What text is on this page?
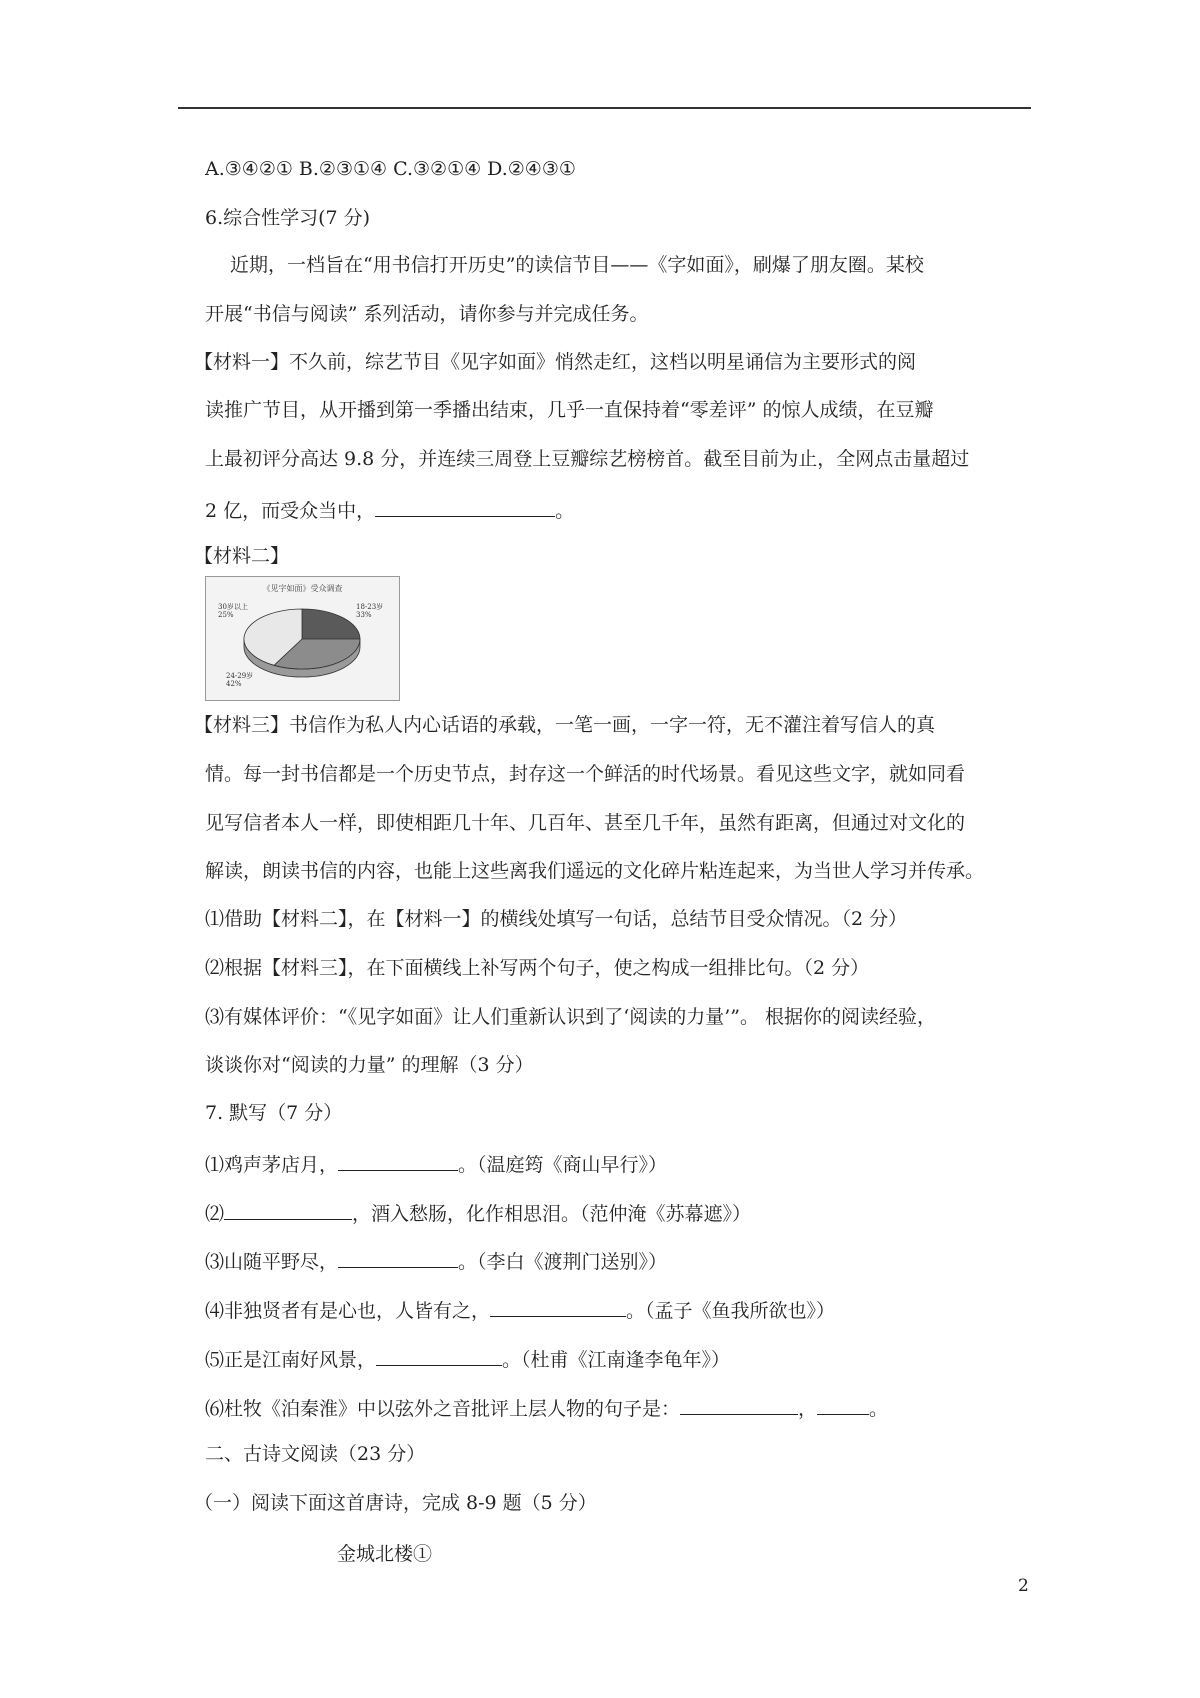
A.③④②① B.②③①④ C.③②①④ D.②④③①
6.综合性学习(7 分)
近期，一档旨在“用书信打开历史”的读信节目——《字如面》，刷爆了朋友圈。某校
开展“书信与阅读” 系列活动，请你参与并完成任务。
【材料一】不久前，综艺节目《见字如面》悄然走红，这档以明星诵信为主要形式的阅
读推广节目，从开播到第一季播出结束，几乎一直保持着“零差评” 的惊人成绩，在豆瓣
上最初评分高达 9.8 分，并连续三周登上豆瓣综艺榜榜首。截至目前为止，全网点击量超过
2 亿，而受众当中，	。
【材料二】
《见字如面》受众调查
30岁以上
25%
18-23岁
33%
24-29岁
42%
【材料三】书信作为私人内心话语的承载，一笔一画，一字一符，无不灌注着写信人的真
情。每一封书信都是一个历史节点，封存这一个鲜活的时代场景。看见这些文字，就如同看
见写信者本人一样，即使相距几十年、几百年、甚至几千年，虽然有距离，但通过对文化的
解读，朗读书信的内容，也能上这些离我们遥远的文化碎片粘连起来，为当世人学习并传承。
⑴借助【材料二】，在【材料一】的横线处填写一句话，总结节目受众情况。（2 分）
⑵根据【材料三】，在下面横线上补写两个句子，使之构成一组排比句。（2 分）
⑶有媒体评价：“《见字如面》让人们重新认识到了‘阅读的力量’”。 根据你的阅读经验，
谈谈你对“阅读的力量” 的理解（3 分）
7. 默写（7 分）
⑴鸡声茅店月，	。（温庭筠《商山早行》）
⑵	，酒入愁肠，化作相思泪。（范仲淹《苏幕遮》）
⑶山随平野尽，	。（李白《渡荆门送别》）
⑷非独贤者有是心也，人皆有之，	。（孟子《鱼我所欲也》）
⑸正是江南好风景，	。（杜甫《江南逢李龟年》）
⑹杜牧《泊秦淮》中以弦外之音批评上层人物的句子是：	，	。
二、古诗文阅读（23 分）
（一）阅读下面这首唐诗，完成 8-9 题（5 分）
金城北楼①
2
